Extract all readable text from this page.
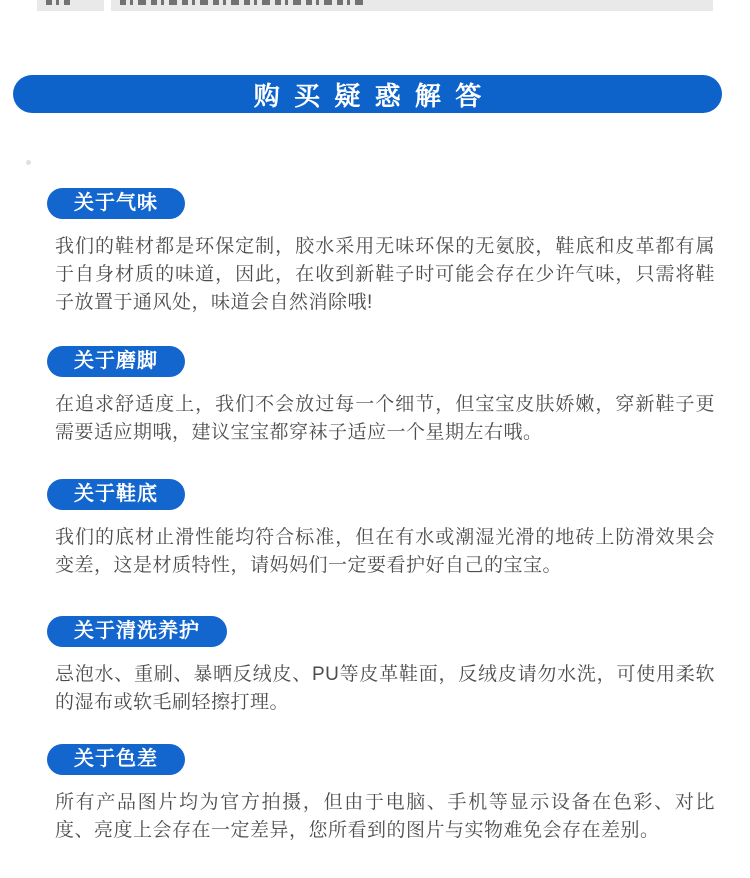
购买疑惑解答
关于气味

我们的鞋材都是环保定制，胶水采用无味环保的无氨胶，鞋底和皮革都有属于自身材质的味道，因此，在收到新鞋子时可能会存在少许气味，只需将鞋子放置于通风处，味道会自然消除哦!

关于磨脚

在追求舒适度上，我们不会放过每一个细节，但宝宝皮肤娇嫩，穿新鞋子更需要适应期哦，建议宝宝都穿袜子适应一个星期左右哦。

关于鞋底

我们的底材止滑性能均符合标准，但在有水或潮湿光滑的地砖上防滑效果会变差，这是材质特性，请妈妈们一定要看护好自己的宝宝。

关于清洗养护

忌泡水、重刷、暴晒反绒皮、PU等皮革鞋面，反绒皮请勿水洗，可使用柔软的湿布或软毛刷轻擦打理。

关于色差

所有产品图片均为官方拍摄，但由于电脑、手机等显示设备在色彩、对比度、亮度上会存在一定差异，您所看到的图片与实物难免会存在差别。
